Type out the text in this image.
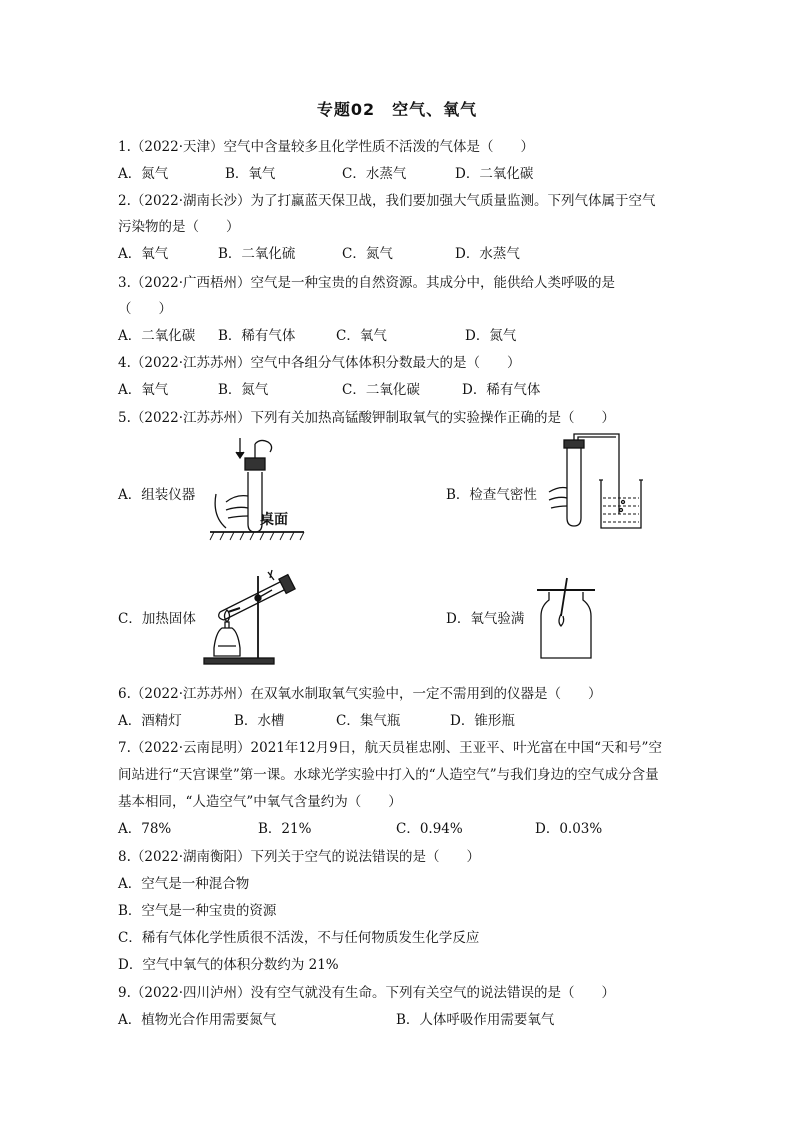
专题02　空气、氧气
1.（2022·天津）空气中含量较多且化学性质不活泼的气体是（　　）
A．氮气	B．氧气	C．水蒸气	D．二氧化碳
2.（2022·湖南长沙）为了打赢蓝天保卫战，我们要加强大气质量监测。下列气体属于空气
污染物的是（　　）
A．氧气	B．二氧化硫	C．氮气	D．水蒸气
3.（2022·广西梧州）空气是一种宝贵的自然资源。其成分中，能供给人类呼吸的是
（　　）
A．二氧化碳 B．稀有气体	C．氧气	D．氮气
4.（2022·江苏苏州）空气中各组分气体体积分数最大的是（　　）
A．氧气	B．氮气	C．二氧化碳	D．稀有气体
5.（2022·江苏苏州）下列有关加热高锰酸钾制取氧气的实验操作正确的是（　　）
A．组装仪器
桌面
B．检查气密性
C．加热固体	D．氧气验满
6.（2022·江苏苏州）在双氧水制取氧气实验中，一定不需用到的仪器是（　　）
A．酒精灯	B．水槽	C．集气瓶	D．锥形瓶
7.（2022·云南昆明）2021年12月9日，航天员崔忠刚、王亚平、叶光富在中国“天和号”空
间站进行“天宫课堂”第一课。水球光学实验中打入的“人造空气”与我们身边的空气成分含量
基本相同，“人造空气”中氧气含量约为（　　）
A．78%	B．21%	C．0.94%	D．0.03%
8.（2022·湖南衡阳）下列关于空气的说法错误的是（　　）
A．空气是一种混合物
B．空气是一种宝贵的资源
C．稀有气体化学性质很不活泼，不与任何物质发生化学反应
D．空气中氧气的体积分数约为 21%
9.（2022·四川泸州）没有空气就没有生命。下列有关空气的说法错误的是（　　）
A．植物光合作用需要氮气	B．人体呼吸作用需要氧气
